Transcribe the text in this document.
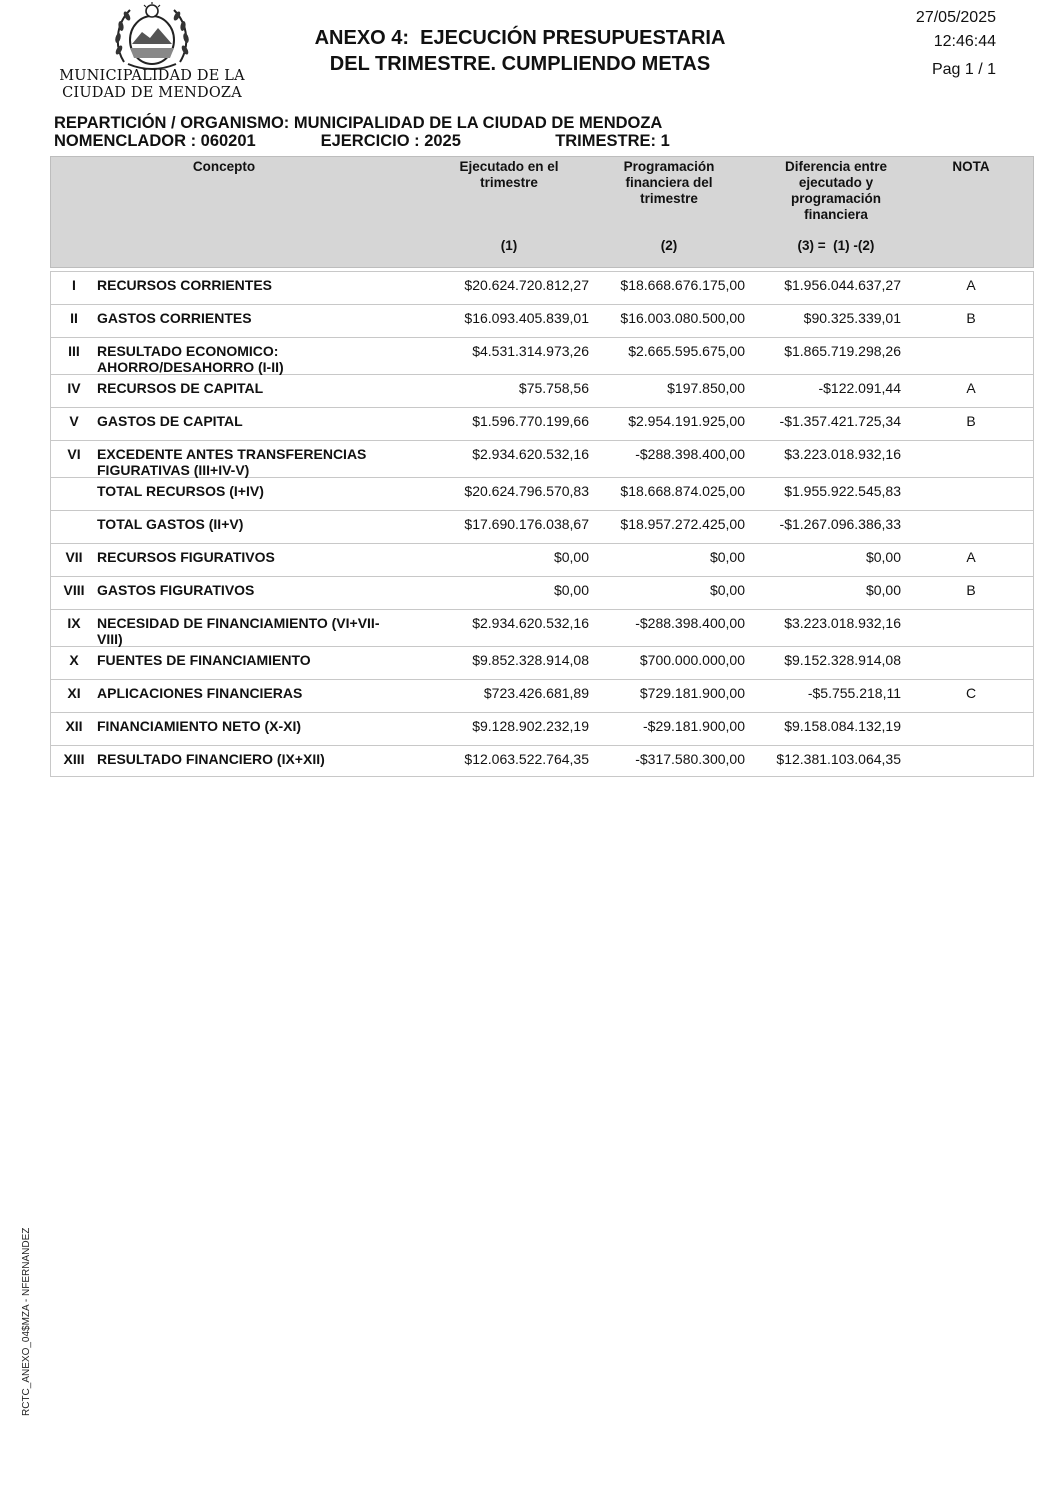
MUNICIPALIDAD DE LA
CIUDAD DE MENDOZA
ANEXO 4:  EJECUCIÓN PRESUPUESTARIA
DEL TRIMESTRE. CUMPLIENDO METAS
27/05/2025
12:46:44
Pag 1 / 1
REPARTICIÓN / ORGANISMO: MUNICIPALIDAD DE LA CIUDAD DE MENDOZA
NOMENCLADOR : 060201	EJERCICIO : 2025	TRIMESTRE: 1
Concepto	Ejecutado en el
trimestre
Programación
financiera del
trimestre
Diferencia entre
ejecutado y
programación
financiera
NOTA
(1)	(2)	(3) =  (1) -(2)
I	RECURSOS CORRIENTES	$20.624.720.812,27 $18.668.676.175,00	$1.956.044.637,27	A
II	GASTOS CORRIENTES	$16.093.405.839,01 $16.003.080.500,00	$90.325.339,01	B
III	RESULTADO ECONOMICO: AHORRO/DESAHORRO (I-II)
$4.531.314.973,26	$2.665.595.675,00	$1.865.719.298,26
IV	RECURSOS DE CAPITAL	$75.758,56	$197.850,00	-$122.091,44	A
V	GASTOS DE CAPITAL	$1.596.770.199,66	$2.954.191.925,00 -$1.357.421.725,34	B
VI	EXCEDENTE ANTES TRANSFERENCIAS FIGURATIVAS (III+IV-V)
$2.934.620.532,16	-$288.398.400,00	$3.223.018.932,16
TOTAL RECURSOS (I+IV)	$20.624.796.570,83 $18.668.874.025,00	$1.955.922.545,83
TOTAL GASTOS (II+V)	$17.690.176.038,67 $18.957.272.425,00 -$1.267.096.386,33
VII	RECURSOS FIGURATIVOS	$0,00	$0,00	$0,00	A
VIII GASTOS FIGURATIVOS	$0,00	$0,00	$0,00	B
IX	NECESIDAD DE FINANCIAMIENTO (VI+VII-VIII)
$2.934.620.532,16	-$288.398.400,00	$3.223.018.932,16
X	FUENTES DE FINANCIAMIENTO	$9.852.328.914,08	$700.000.000,00	$9.152.328.914,08
XI	APLICACIONES FINANCIERAS	$723.426.681,89	$729.181.900,00	-$5.755.218,11	C
XII	FINANCIAMIENTO NETO (X-XI)	$9.128.902.232,19	-$29.181.900,00	$9.158.084.132,19
XIII RESULTADO FINANCIERO (IX+XII)	$12.063.522.764,35	-$317.580.300,00 $12.381.103.064,35
RCTC_ANEXO_04$MZA - NFERNANDEZ
